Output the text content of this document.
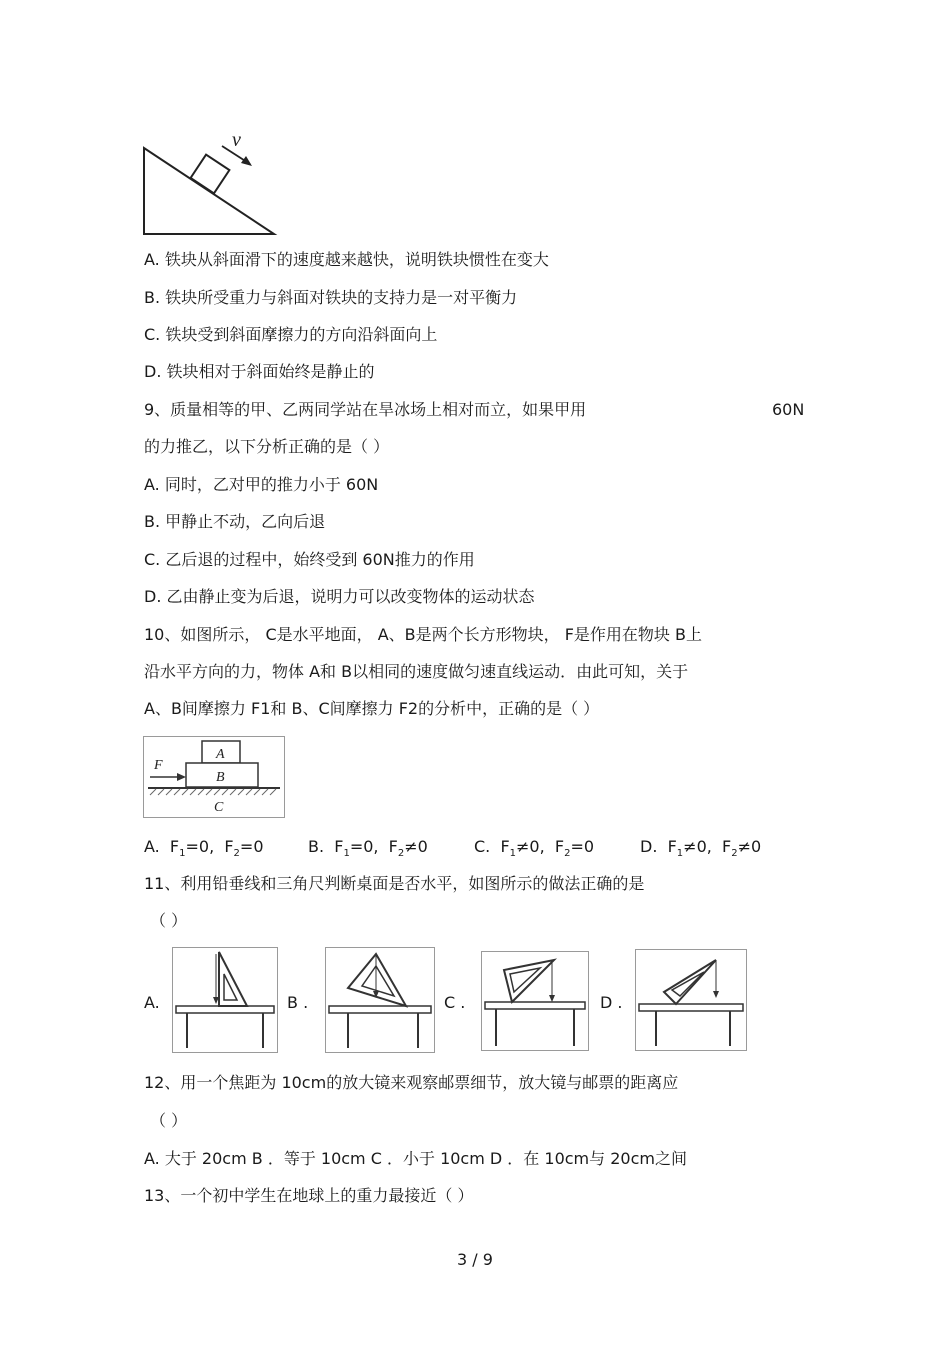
v
A. 铁块从斜面滑下的速度越来越快，说明铁块惯性在变大
B. 铁块所受重力与斜面对铁块的支持力是一对平衡力
C. 铁块受到斜面摩擦力的方向沿斜面向上
D. 铁块相对于斜面始终是静止的
9、质量相等的甲、乙两同学站在旱冰场上相对而立，如果甲用	60N
的力推乙，以下分析正确的是（ ）
A. 同时，乙对甲的推力小于 60N
B. 甲静止不动，乙向后退
C. 乙后退的过程中，始终受到 60N推力的作用
D. 乙由静止变为后退，说明力可以改变物体的运动状态
10、如图所示， C是水平地面， A、B是两个长方形物块， F是作用在物块 B上
沿水平方向的力，物体 A和 B以相同的速度做匀速直线运动．由此可知，关于
A、B间摩擦力 F1和 B、C间摩擦力 F2的分析中，正确的是（ ）
A
B
C
F
A. $F_1=0$, $F_2=0$	B. $F_1=0$, $F_2\ne 0$	C. $F_1\ne 0$, $F_2=0$	D. $F_1\ne 0$, $F_2\ne 0$
11、利用铅垂线和三角尺判断桌面是否水平，如图所示的做法正确的是
（ ）
A.	B .	C .	D .
12、用一个焦距为 10cm的放大镜来观察邮票细节，放大镜与邮票的距离应
（ ）
A. 大于 20cm B ．等于 10cm C ．小于 10cm D ．在 10cm与 20cm之间
13、一个初中学生在地球上的重力最接近（ ）
3 / 9
